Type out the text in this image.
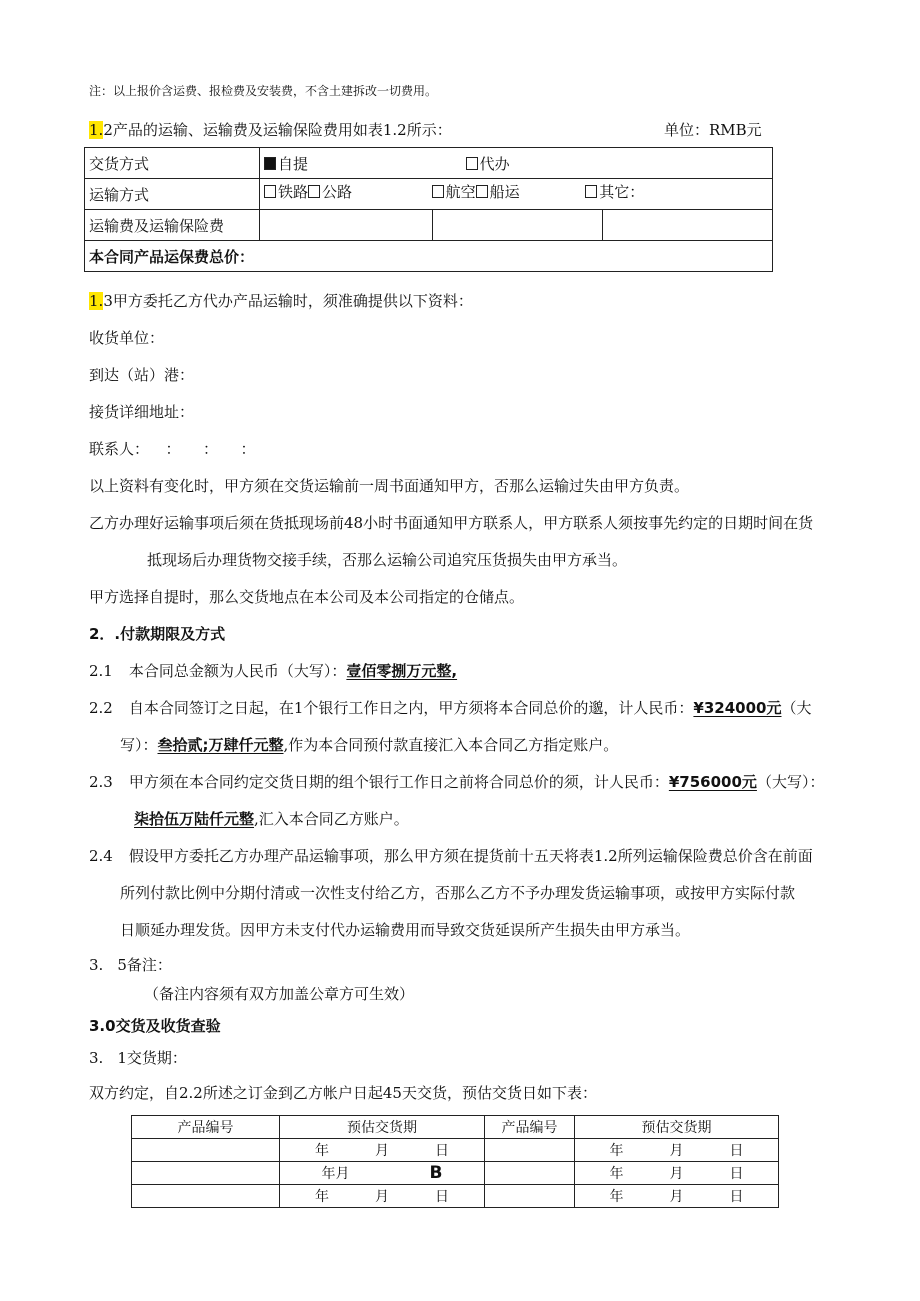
注：以上报价含运费、报检费及安装费，不含土建拆改一切费用。
1.2产品的运输、运输费及运输保险费用如表1.2所示：	单位：RMB元
交货方式	自提 代办		
运输方式	铁路 公路 航空 船运 其它：		
运输费及运输保险费			
本合同产品运保费总价：			
1.3甲方委托乙方代办产品运输时，须准确提供以下资料：
收货单位：
到达（站）港：
接货详细地址：
联系人： ： ： ：
以上资料有变化时，甲方须在交货运输前一周书面通知甲方，否那么运输过失由甲方负责。
乙方办理好运输事项后须在货抵现场前48小时书面通知甲方联系人，甲方联系人须按事先约定的日期时间在货
抵现场后办理货物交接手续，否那么运输公司追究压货损失由甲方承当。
甲方选择自提时，那么交货地点在本公司及本公司指定的仓储点。
2．.付款期限及方式
2.1 本合同总金额为人民币（大写）：壹佰零捌万元整,
2.2 自本合同签订之日起，在1个银行工作日之内，甲方须将本合同总价的邈，计人民币：¥324000元（大
写）：叁拾贰;万肆仟元整,作为本合同预付款直接汇入本合同乙方指定账户。
2.3 甲方须在本合同约定交货日期的组个银行工作日之前将合同总价的须，计人民币：¥756000元（大写）：
柒拾伍万陆仟元整,汇入本合同乙方账户。
2.4 假设甲方委托乙方办理产品运输事项，那么甲方须在提货前十五天将表1.2所列运输保险费总价含在前面
所列付款比例中分期付清或一次性支付给乙方，否那么乙方不予办理发货运输事项，或按甲方实际付款
日顺延办理发货。因甲方未支付代办运输费用而导致交货延误所产生损失由甲方承当。
3. 5备注：
（备注内容须有双方加盖公章方可生效）
3.0交货及收货查验
3. 1交货期：
双方约定，自2.2所述之订金到乙方帐户日起45天交货，预估交货日如下表：
产品编号	预估交货期	产品编号	预估交货期
	年 月 日		年 月 日
	年月 B		年 月 日
	年 月 日		年 月 日
